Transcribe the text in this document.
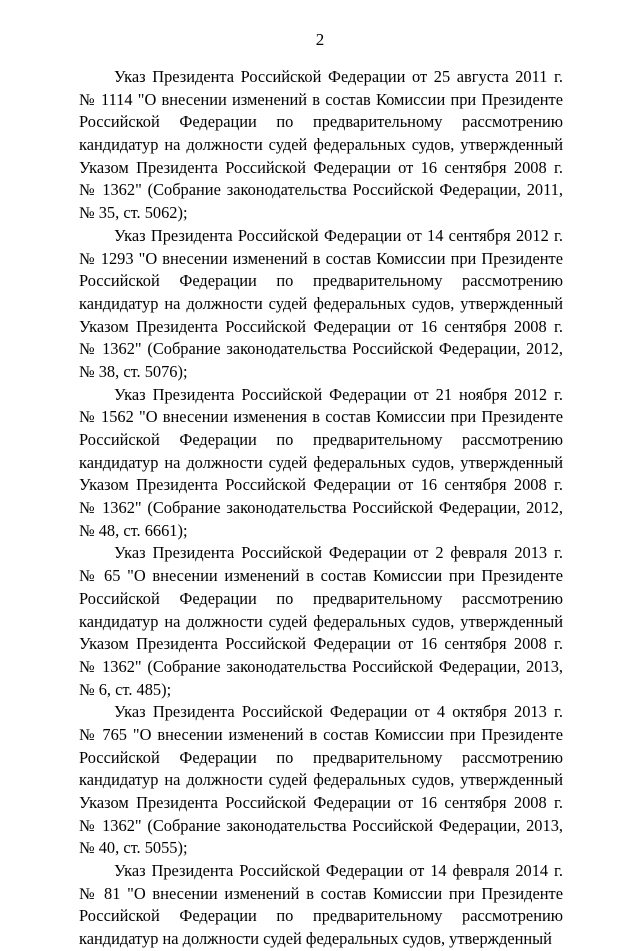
2
Указ Президента Российской Федерации от 25 августа 2011 г.
№ 1114 "О внесении изменений в состав Комиссии при Президенте
Российской Федерации по предварительному рассмотрению
кандидатур на должности судей федеральных судов, утвержденный
Указом Президента Российской Федерации от 16 сентября 2008 г.
№ 1362" (Собрание законодательства Российской Федерации, 2011,
№ 35, ст. 5062);
Указ Президента Российской Федерации от 14 сентября 2012 г.
№ 1293 "О внесении изменений в состав Комиссии при Президенте
Российской Федерации по предварительному рассмотрению
кандидатур на должности судей федеральных судов, утвержденный
Указом Президента Российской Федерации от 16 сентября 2008 г.
№ 1362" (Собрание законодательства Российской Федерации, 2012,
№ 38, ст. 5076);
Указ Президента Российской Федерации от 21 ноября 2012 г.
№ 1562 "О внесении изменения в состав Комиссии при Президенте
Российской Федерации по предварительному рассмотрению
кандидатур на должности судей федеральных судов, утвержденный
Указом Президента Российской Федерации от 16 сентября 2008 г.
№ 1362" (Собрание законодательства Российской Федерации, 2012,
№ 48, ст. 6661);
Указ Президента Российской Федерации от 2 февраля 2013 г.
№ 65 "О внесении изменений в состав Комиссии при Президенте
Российской Федерации по предварительному рассмотрению
кандидатур на должности судей федеральных судов, утвержденный
Указом Президента Российской Федерации от 16 сентября 2008 г.
№ 1362" (Собрание законодательства Российской Федерации, 2013,
№ 6, ст. 485);
Указ Президента Российской Федерации от 4 октября 2013 г.
№ 765 "О внесении изменений в состав Комиссии при Президенте
Российской Федерации по предварительному рассмотрению
кандидатур на должности судей федеральных судов, утвержденный
Указом Президента Российской Федерации от 16 сентября 2008 г.
№ 1362" (Собрание законодательства Российской Федерации, 2013,
№ 40, ст. 5055);
Указ Президента Российской Федерации от 14 февраля 2014 г.
№ 81 "О внесении изменений в состав Комиссии при Президенте
Российской Федерации по предварительному рассмотрению
кандидатур на должности судей федеральных судов, утвержденный
